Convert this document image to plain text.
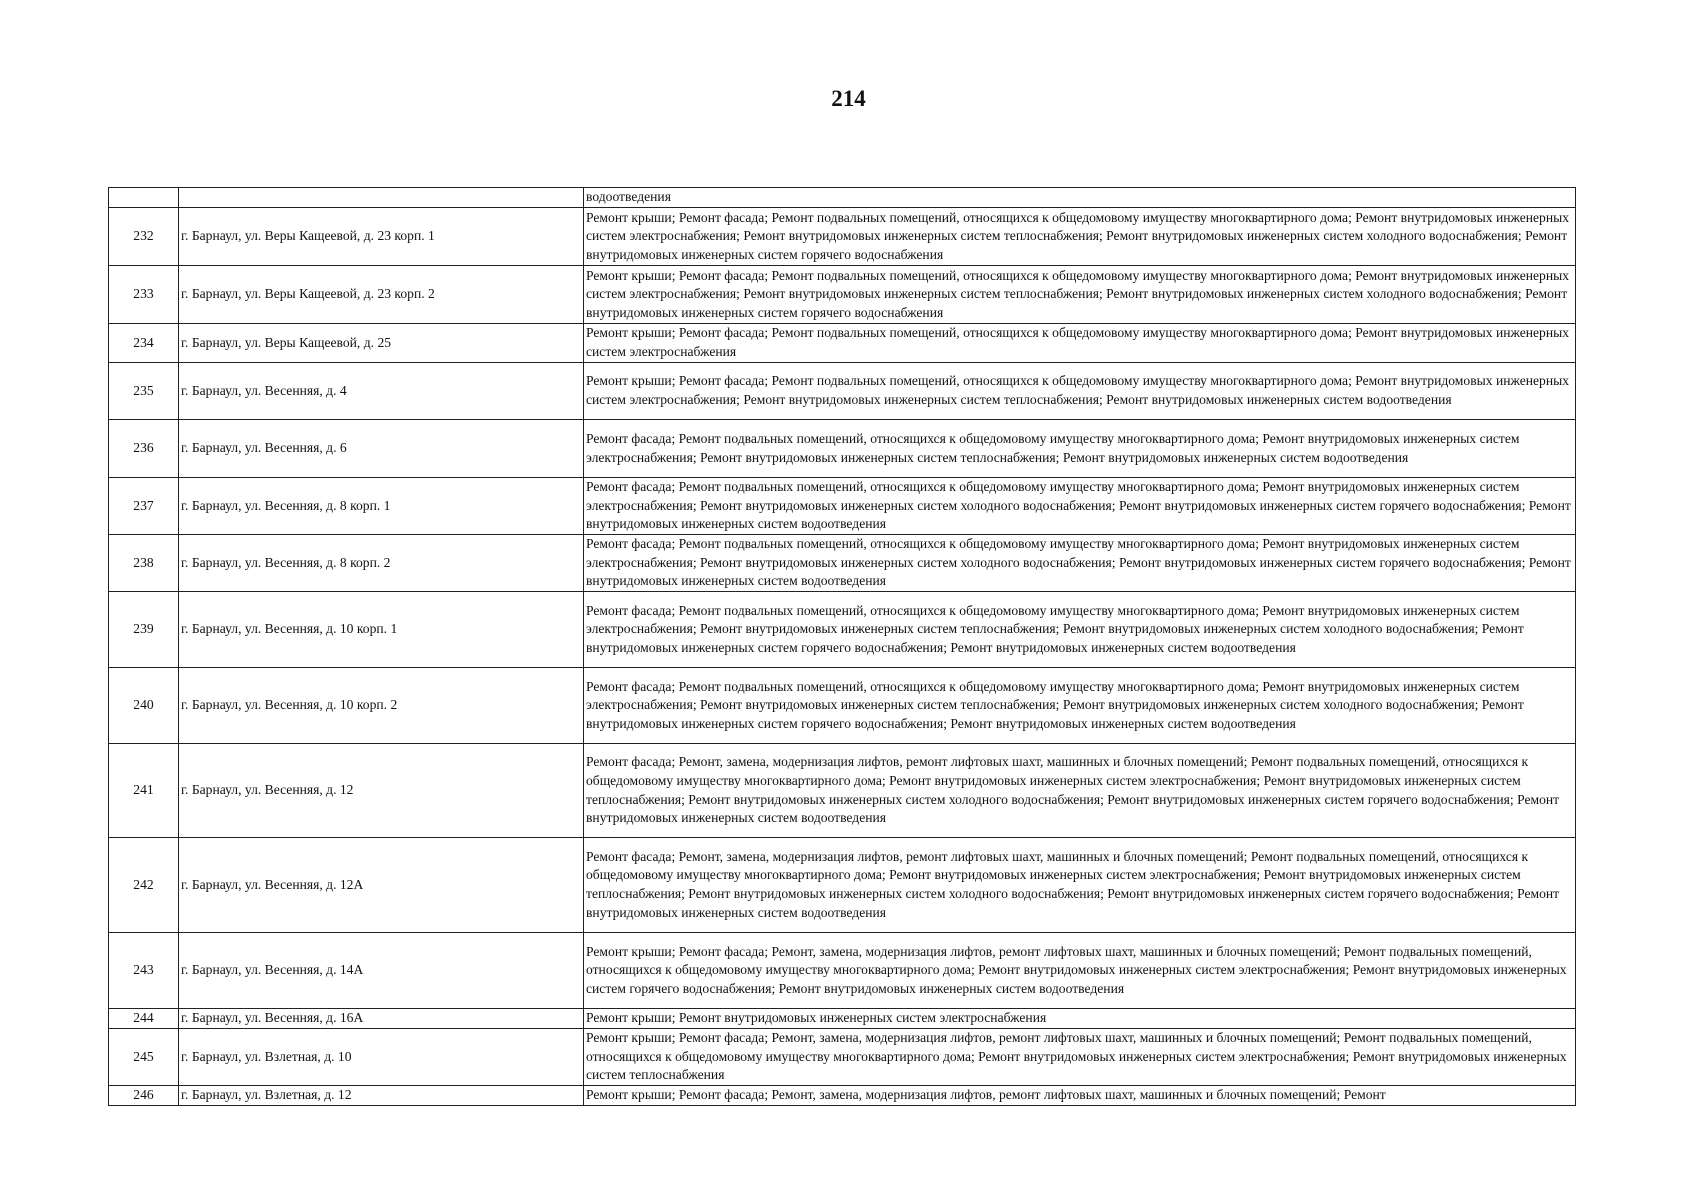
214
		водоотведения
232	г. Барнаул, ул. Веры Кащеевой, д. 23 корп. 1	Ремонт крыши; Ремонт фасада; Ремонт подвальных помещений, относящихся к общедомовому имуществу многоквартирного дома; Ремонт внутридомовых инженерных систем электроснабжения; Ремонт внутридомовых инженерных систем теплоснабжения; Ремонт внутридомовых инженерных систем холодного водоснабжения; Ремонт внутридомовых инженерных систем горячего водоснабжения
233	г. Барнаул, ул. Веры Кащеевой, д. 23 корп. 2	Ремонт крыши; Ремонт фасада; Ремонт подвальных помещений, относящихся к общедомовому имуществу многоквартирного дома; Ремонт внутридомовых инженерных систем электроснабжения; Ремонт внутридомовых инженерных систем теплоснабжения; Ремонт внутридомовых инженерных систем холодного водоснабжения; Ремонт внутридомовых инженерных систем горячего водоснабжения
234	г. Барнаул, ул. Веры Кащеевой, д. 25	Ремонт крыши; Ремонт фасада; Ремонт подвальных помещений, относящихся к общедомовому имуществу многоквартирного дома; Ремонт внутридомовых инженерных систем электроснабжения
235	г. Барнаул, ул. Весенняя, д. 4	Ремонт крыши; Ремонт фасада; Ремонт подвальных помещений, относящихся к общедомовому имуществу многоквартирного дома; Ремонт внутридомовых инженерных систем электроснабжения; Ремонт внутридомовых инженерных систем теплоснабжения; Ремонт внутридомовых инженерных систем водоотведения
236	г. Барнаул, ул. Весенняя, д. 6	Ремонт фасада; Ремонт подвальных помещений, относящихся к общедомовому имуществу многоквартирного дома; Ремонт внутридомовых инженерных систем электроснабжения; Ремонт внутридомовых инженерных систем теплоснабжения; Ремонт внутридомовых инженерных систем водоотведения
237	г. Барнаул, ул. Весенняя, д. 8 корп. 1	Ремонт фасада; Ремонт подвальных помещений, относящихся к общедомовому имуществу многоквартирного дома; Ремонт внутридомовых инженерных систем электроснабжения; Ремонт внутридомовых инженерных систем холодного водоснабжения; Ремонт внутридомовых инженерных систем горячего водоснабжения; Ремонт внутридомовых инженерных систем водоотведения
238	г. Барнаул, ул. Весенняя, д. 8 корп. 2	Ремонт фасада; Ремонт подвальных помещений, относящихся к общедомовому имуществу многоквартирного дома; Ремонт внутридомовых инженерных систем электроснабжения; Ремонт внутридомовых инженерных систем холодного водоснабжения; Ремонт внутридомовых инженерных систем горячего водоснабжения; Ремонт внутридомовых инженерных систем водоотведения
239	г. Барнаул, ул. Весенняя, д. 10 корп. 1	Ремонт фасада; Ремонт подвальных помещений, относящихся к общедомовому имуществу многоквартирного дома; Ремонт внутридомовых инженерных систем электроснабжения; Ремонт внутридомовых инженерных систем теплоснабжения; Ремонт внутридомовых инженерных систем холодного водоснабжения; Ремонт внутридомовых инженерных систем горячего водоснабжения; Ремонт внутридомовых инженерных систем водоотведения
240	г. Барнаул, ул. Весенняя, д. 10 корп. 2	Ремонт фасада; Ремонт подвальных помещений, относящихся к общедомовому имуществу многоквартирного дома; Ремонт внутридомовых инженерных систем электроснабжения; Ремонт внутридомовых инженерных систем теплоснабжения; Ремонт внутридомовых инженерных систем холодного водоснабжения; Ремонт внутридомовых инженерных систем горячего водоснабжения; Ремонт внутридомовых инженерных систем водоотведения
241	г. Барнаул, ул. Весенняя, д. 12	Ремонт фасада; Ремонт, замена, модернизация лифтов, ремонт лифтовых шахт, машинных и блочных помещений; Ремонт подвальных помещений, относящихся к общедомовому имуществу многоквартирного дома; Ремонт внутридомовых инженерных систем электроснабжения; Ремонт внутридомовых инженерных систем теплоснабжения; Ремонт внутридомовых инженерных систем холодного водоснабжения; Ремонт внутридомовых инженерных систем горячего водоснабжения; Ремонт внутридомовых инженерных систем водоотведения
242	г. Барнаул, ул. Весенняя, д. 12А	Ремонт фасада; Ремонт, замена, модернизация лифтов, ремонт лифтовых шахт, машинных и блочных помещений; Ремонт подвальных помещений, относящихся к общедомовому имуществу многоквартирного дома; Ремонт внутридомовых инженерных систем электроснабжения; Ремонт внутридомовых инженерных систем теплоснабжения; Ремонт внутридомовых инженерных систем холодного водоснабжения; Ремонт внутридомовых инженерных систем горячего водоснабжения; Ремонт внутридомовых инженерных систем водоотведения
243	г. Барнаул, ул. Весенняя, д. 14А	Ремонт крыши; Ремонт фасада; Ремонт, замена, модернизация лифтов, ремонт лифтовых шахт, машинных и блочных помещений; Ремонт подвальных помещений, относящихся к общедомовому имуществу многоквартирного дома; Ремонт внутридомовых инженерных систем электроснабжения; Ремонт внутридомовых инженерных систем горячего водоснабжения; Ремонт внутридомовых инженерных систем водоотведения
244	г. Барнаул, ул. Весенняя, д. 16А	Ремонт крыши; Ремонт внутридомовых инженерных систем электроснабжения
245	г. Барнаул, ул. Взлетная, д. 10	Ремонт крыши; Ремонт фасада; Ремонт, замена, модернизация лифтов, ремонт лифтовых шахт, машинных и блочных помещений; Ремонт подвальных помещений, относящихся к общедомовому имуществу многоквартирного дома; Ремонт внутридомовых инженерных систем электроснабжения; Ремонт внутридомовых инженерных систем теплоснабжения
246	г. Барнаул, ул. Взлетная, д. 12	Ремонт крыши; Ремонт фасада; Ремонт, замена, модернизация лифтов, ремонт лифтовых шахт, машинных и блочных помещений; Ремонт
